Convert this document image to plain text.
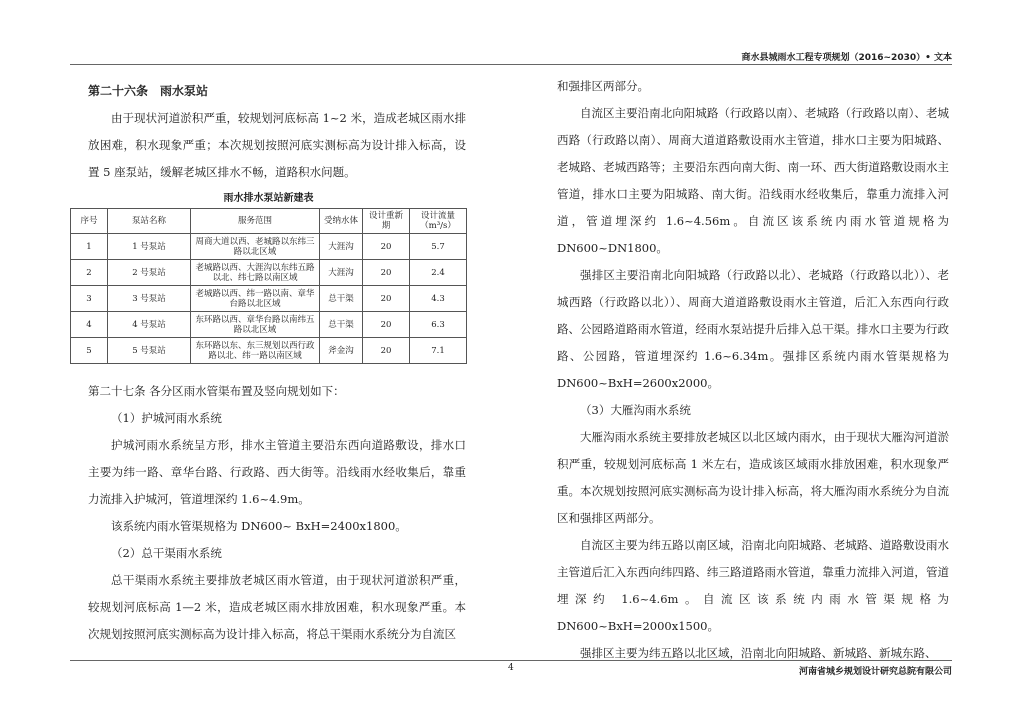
商水县城雨水工程专项规划（2016~2030）• 文本

第二十六条　雨水泵站

由于现状河道淤积严重，较规划河底标高 1~2 米，造成老城区雨水排放困难，积水现象严重；本次规划按照河底实测标高为设计排入标高，设置 5 座泵站，缓解老城区排水不畅，道路积水问题。

雨水排水泵站新建表
序号	泵站名称	服务范围	受纳水体	设计重新期	设计流量（m³/s）
1	1 号泵站	周商大道以西、老城路以东纬三路以北区域	大涯沟	20	5.7
2	2 号泵站	老城路以西、大涯沟以东纬五路以北、纬七路以南区域	大涯沟	20	2.4
3	3 号泵站	老城路以西、纬一路以南、章华台路以北区域	总干渠	20	4.3
4	4 号泵站	东环路以西、章华台路以南纬五路以北区域	总干渠	20	6.3
5	5 号泵站	东环路以东、东三规划以西行政路以北、纬一路以南区域	斧金沟	20	7.1

第二十七条 各分区雨水管渠布置及竖向规划如下：

（1）护城河雨水系统

护城河雨水系统呈方形，排水主管道主要沿东西向道路敷设，排水口主要为纬一路、章华台路、行政路、西大街等。沿线雨水经收集后，靠重力流排入护城河，管道埋深约 1.6~4.9m。

该系统内雨水管渠规格为 DN600~ BxH=2400x1800。

（2）总干渠雨水系统

总干渠雨水系统主要排放老城区雨水管道，由于现状河道淤积严重，较规划河底标高 1—2 米，造成老城区雨水排放困难，积水现象严重。本次规划按照河底实测标高为设计排入标高，将总干渠雨水系统分为自流区

和强排区两部分。

自流区主要沿南北向阳城路（行政路以南）、老城路（行政路以南）、老城西路（行政路以南）、周商大道道路敷设雨水主管道，排水口主要为阳城路、老城路、老城西路等；主要沿东西向南大街、南一环、西大街道路敷设雨水主管道，排水口主要为阳城路、南大街。沿线雨水经收集后，靠重力流排入河道，管道埋深约 1.6~4.56m。自流区该系统内雨水管道规格为 DN600~DN1800。

强排区主要沿南北向阳城路（行政路以北）、老城路（行政路以北））、老城西路（行政路以北））、周商大道道路敷设雨水主管道，后汇入东西向行政路、公园路道路雨水管道，经雨水泵站提升后排入总干渠。排水口主要为行政路、公园路，管道埋深约 1.6~6.34m。强排区系统内雨水管渠规格为 DN600~BxH=2600x2000。

（3）大雁沟雨水系统

大雁沟雨水系统主要排放老城区以北区域内雨水，由于现状大雁沟河道淤积严重，较规划河底标高 1 米左右，造成该区域雨水排放困难，积水现象严重。本次规划按照河底实测标高为设计排入标高，将大雁沟雨水系统分为自流区和强排区两部分。

自流区主要为纬五路以南区域，沿南北向阳城路、老城路、道路敷设雨水主管道后汇入东西向纬四路、纬三路道路雨水管道，靠重力流排入河道，管道埋深约 1.6~4.6m。自流区该系统内雨水管渠规格为 DN600~BxH=2000x1500。

强排区主要为纬五路以北区域，沿南北向阳城路、新城路、新城东路、

4	河南省城乡规划设计研究总院有限公司
